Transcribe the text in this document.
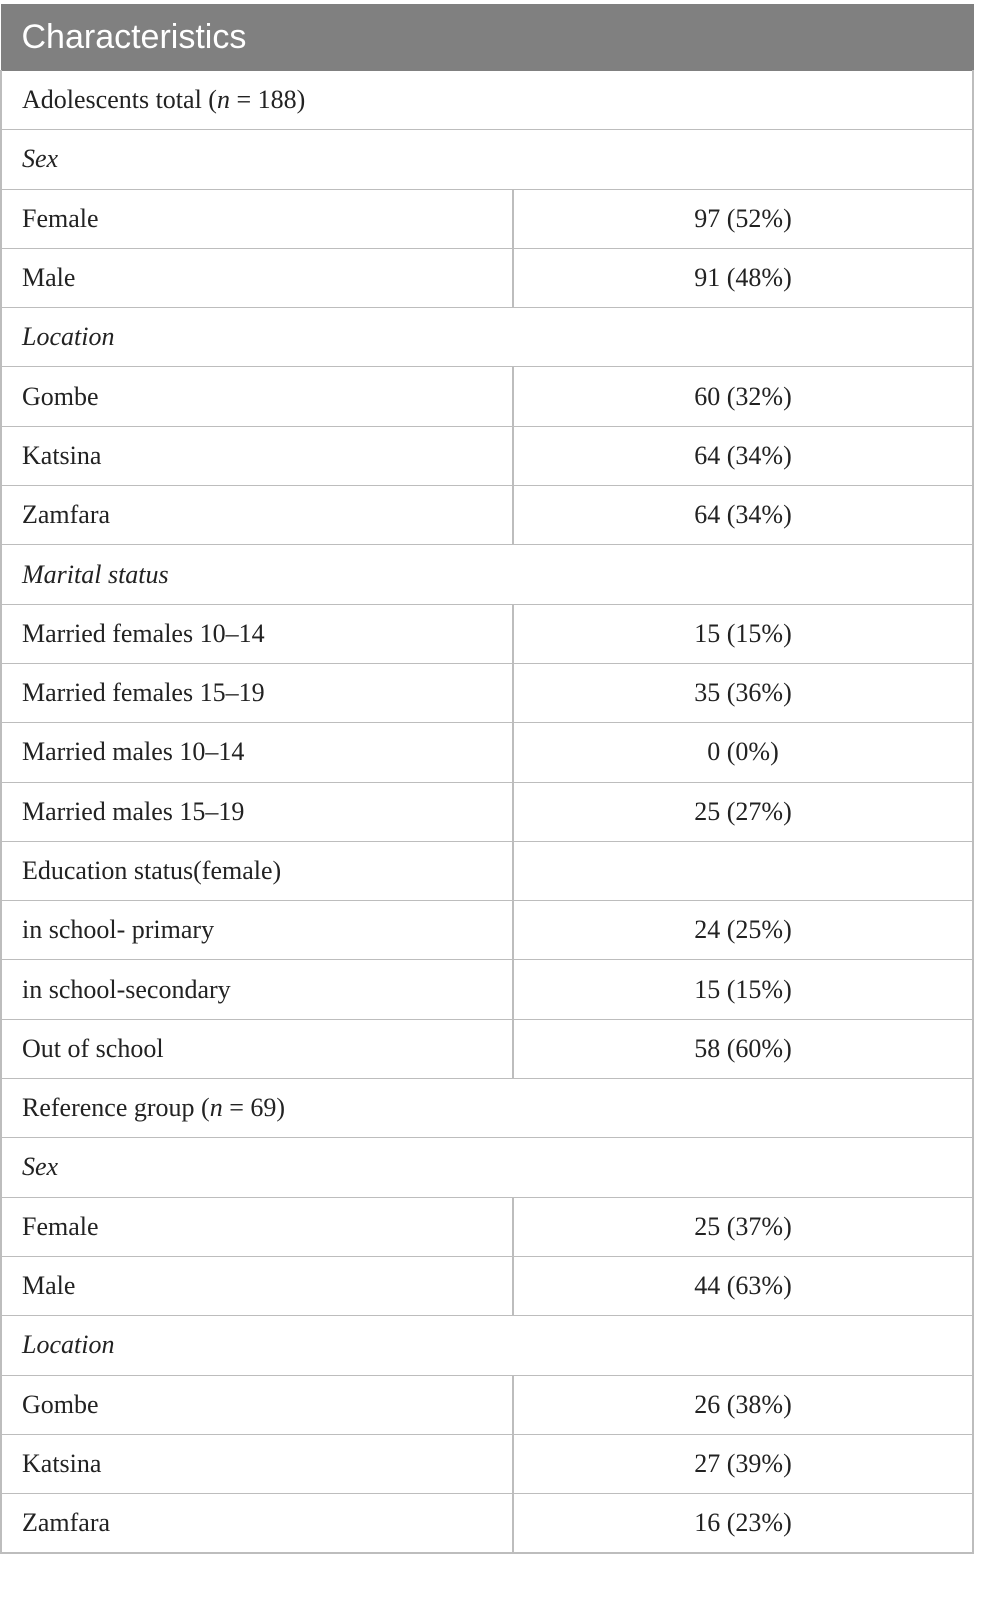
Characteristics	
Adolescents total (n = 188)	
Sex	
Female	97 (52%)
Male	91 (48%)
Location	
Gombe	60 (32%)
Katsina	64 (34%)
Zamfara	64 (34%)
Marital status	
Married females 10–14	15 (15%)
Married females 15–19	35 (36%)
Married males 10–14	0 (0%)
Married males 15–19	25 (27%)
Education status(female)	
in school- primary	24 (25%)
in school-secondary	15 (15%)
Out of school	58 (60%)
Reference group (n = 69)	
Sex	
Female	25 (37%)
Male	44 (63%)
Location	
Gombe	26 (38%)
Katsina	27 (39%)
Zamfara	16 (23%)
